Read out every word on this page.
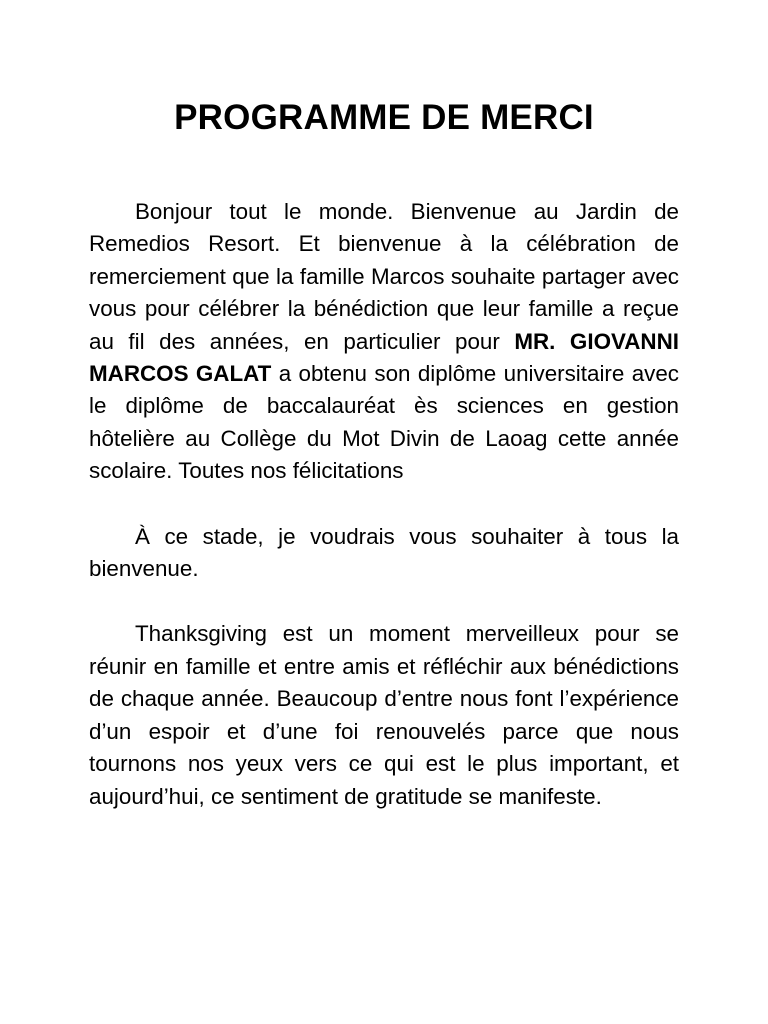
PROGRAMME DE MERCI

Bonjour tout le monde. Bienvenue au Jardin de Remedios Resort. Et bienvenue à la célébration de remerciement que la famille Marcos souhaite partager avec vous pour célébrer la bénédiction que leur famille a reçue au fil des années, en particulier pour MR. GIOVANNI MARCOS GALAT a obtenu son diplôme universitaire avec le diplôme de baccalauréat ès sciences en gestion hôtelière au Collège du Mot Divin de Laoag cette année scolaire. Toutes nos félicitations

À ce stade, je voudrais vous souhaiter à tous la bienvenue.

Thanksgiving est un moment merveilleux pour se réunir en famille et entre amis et réfléchir aux bénédictions de chaque année. Beaucoup d’entre nous font l’expérience d’un espoir et d’une foi renouvelés parce que nous tournons nos yeux vers ce qui est le plus important, et aujourd’hui, ce sentiment de gratitude se manifeste.
